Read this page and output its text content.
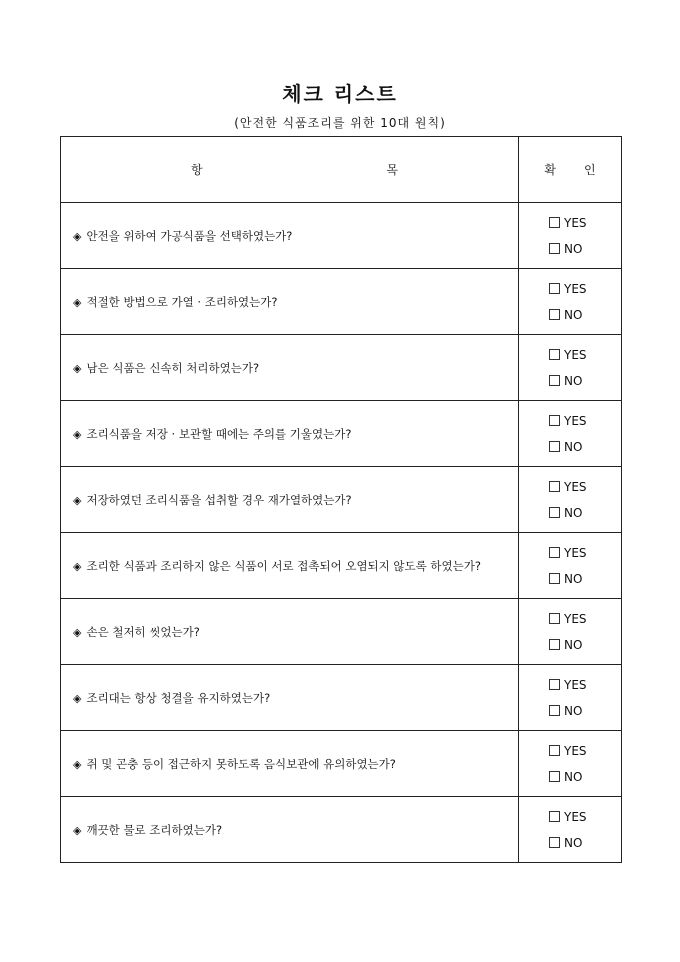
체크 리스트
(안전한 식품조리를 위한 10대 원칙)
항 목	확 인

◈ 안전을 위하여 가공식품을 선택하였는가?	YES
NO

◈ 적절한 방법으로 가열 · 조리하였는가?	YES
NO

◈ 남은 식품은 신속히 처리하였는가?	YES
NO

◈ 조리식품을 저장 · 보관할 때에는 주의를 기울였는가?	YES
NO

◈ 저장하였던 조리식품을 섭취할 경우 재가열하였는가?	YES
NO

◈ 조리한 식품과 조리하지 않은 식품이 서로 접촉되어 오염되지 않도록 하였는가?	YES
NO

◈ 손은 철저히 씻었는가?	YES
NO

◈ 조리대는 항상 청결을 유지하였는가?	YES
NO

◈ 쥐 및 곤충 등이 접근하지 못하도록 음식보관에 유의하였는가?	YES
NO

◈ 깨끗한 물로 조리하였는가?	YES
NO
